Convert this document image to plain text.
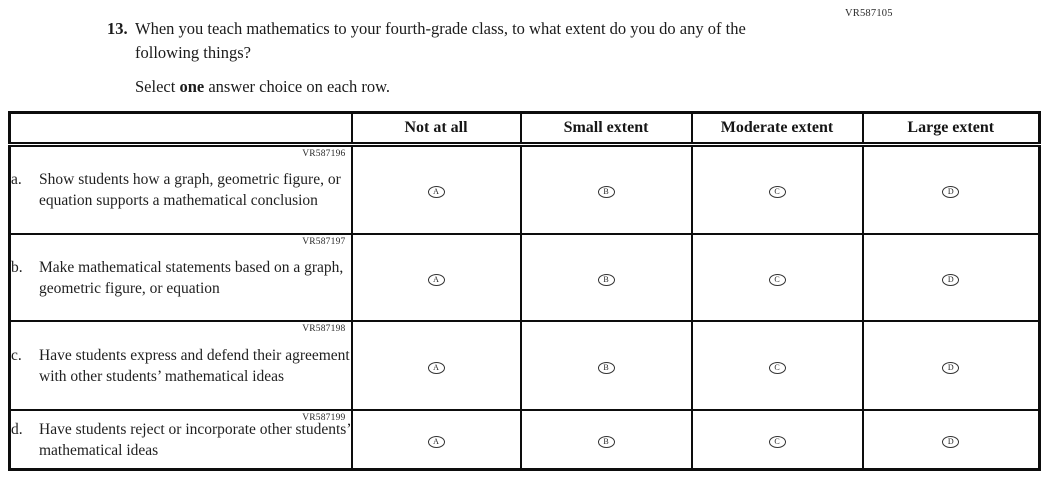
VR587105
13. When you teach mathematics to your fourth-grade class, to what extent do you do any of the following things?
Select one answer choice on each row.
	Not at all	Small extent	Moderate extent	Large extent

VR587196
a. Show students how a graph, geometric figure, or equation supports a mathematical conclusion	A	B	C	D

VR587197
b. Make mathematical statements based on a graph, geometric figure, or equation	A	B	C	D

VR587198
c. Have students express and defend their agreement with other students’ mathematical ideas	A	B	C	D

VR587199
d. Have students reject or incorporate other students’ mathematical ideas	A	B	C	D
